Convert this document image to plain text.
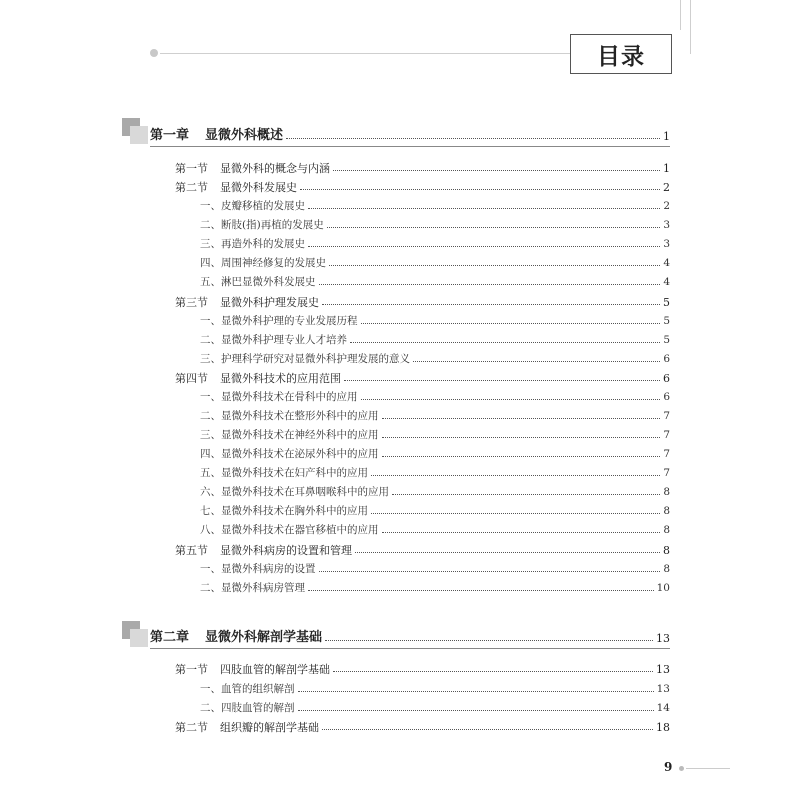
目录
第一章 显微外科概述	1
第一节 显微外科的概念与内涵	1
第二节 显微外科发展史	2
一、皮瓣移植的发展史	2
二、断肢(指)再植的发展史	3
三、再造外科的发展史	3
四、周围神经修复的发展史	4
五、淋巴显微外科发展史	4
第三节 显微外科护理发展史	5
一、显微外科护理的专业发展历程	5
二、显微外科护理专业人才培养	5
三、护理科学研究对显微外科护理发展的意义	6
第四节 显微外科技术的应用范围	6
一、显微外科技术在骨科中的应用	6
二、显微外科技术在整形外科中的应用	7
三、显微外科技术在神经外科中的应用	7
四、显微外科技术在泌尿外科中的应用	7
五、显微外科技术在妇产科中的应用	7
六、显微外科技术在耳鼻咽喉科中的应用	8
七、显微外科技术在胸外科中的应用	8
八、显微外科技术在器官移植中的应用	8
第五节 显微外科病房的设置和管理	8
一、显微外科病房的设置	8
二、显微外科病房管理	10
第二章 显微外科解剖学基础	13
第一节 四肢血管的解剖学基础	13
一、血管的组织解剖	13
二、四肢血管的解剖	14
第二节 组织瓣的解剖学基础	18
9
